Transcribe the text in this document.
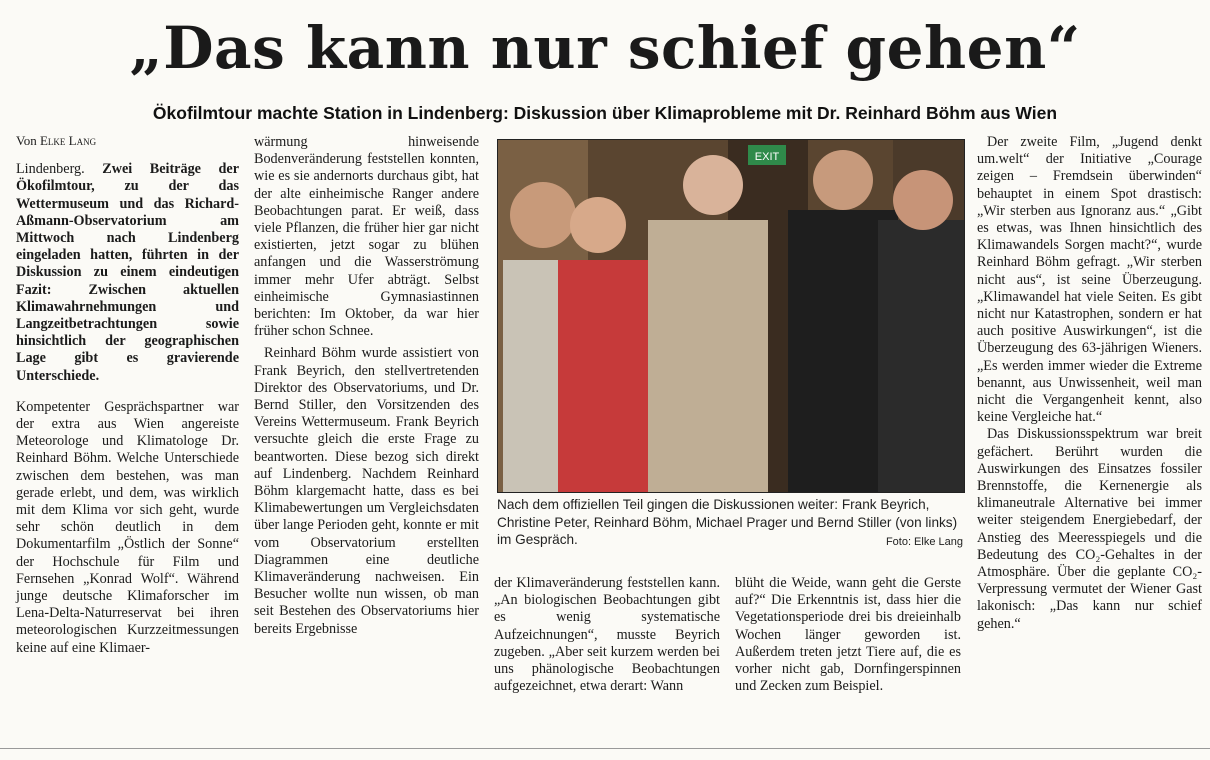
„Das kann nur schief gehen“
Ökofilmtour machte Station in Lindenberg: Diskussion über Klimaprobleme mit Dr. Reinhard Böhm aus Wien
Von Elke Lang

Lindenberg. Zwei Beiträge der Ökofilmtour, zu der das Wettermuseum und das Richard-Aßmann-Observatorium am Mittwoch nach Lindenberg eingeladen hatten, führten in der Diskussion zu einem eindeutigen Fazit: Zwischen aktuellen Klimawahrnehmungen und Langzeitbetrachtungen sowie hinsichtlich der geographischen Lage gibt es gravierende Unterschiede.

Kompetenter Gesprächspartner war der extra aus Wien angereiste Meteorologe und Klimatologe Dr. Reinhard Böhm. Welche Unterschiede zwischen dem bestehen, was man gerade erlebt, und dem, was wirklich mit dem Klima vor sich geht, wurde sehr schön deutlich in dem Dokumentarfilm „Östlich der Sonne“ der Hochschule für Film und Fernsehen „Konrad Wolf“. Während junge deutsche Klimaforscher im Lena-Delta-Naturreservat bei ihren meteorologischen Kurzzeitmessungen keine auf eine Klimaer-

wärmung hinweisende Bodenveränderung feststellen konnten, wie es sie andernorts durchaus gibt, hat der alte einheimische Ranger andere Beobachtungen parat. Er weiß, dass viele Pflanzen, die früher hier gar nicht existierten, jetzt sogar zu blühen anfangen und die Wasserströmung immer mehr Ufer abträgt. Selbst einheimische Gymnasiastinnen berichten: Im Oktober, da war hier früher schon Schnee.

Reinhard Böhm wurde assistiert von Frank Beyrich, den stellvertretenden Direktor des Observatoriums, und Dr. Bernd Stiller, den Vorsitzenden des Vereins Wettermuseum. Frank Beyrich versuchte gleich die erste Frage zu beantworten. Diese bezog sich direkt auf Lindenberg. Nachdem Reinhard Böhm klargemacht hatte, dass es bei Klimabewertungen um Vergleichsdaten über lange Perioden geht, konnte er mit vom Observatorium erstellten Diagrammen eine deutliche Klimaveränderung nachweisen. Ein Besucher wollte nun wissen, ob man seit Bestehen des Observatoriums hier bereits Ergebnisse

EXIT
Nach dem offiziellen Teil gingen die Diskussionen weiter: Frank Beyrich, Christine Peter, Reinhard Böhm, Michael Prager und Bernd Stiller (von links) im Gespräch.	Foto: Elke Lang

der Klimaveränderung feststellen kann. „An biologischen Beobachtungen gibt es wenig systematische Aufzeichnungen“, musste Beyrich zugeben. „Aber seit kurzem werden bei uns phänologische Beobachtungen aufgezeichnet, etwa derart: Wann

blüht die Weide, wann geht die Gerste auf?“ Die Erkenntnis ist, dass hier die Vegetationsperiode drei bis dreieinhalb Wochen länger geworden ist. Außerdem treten jetzt Tiere auf, die es vorher nicht gab, Dornfingerspinnen und Zecken zum Beispiel.

Der zweite Film, „Jugend denkt um.welt“ der Initiative „Courage zeigen – Fremdsein überwinden“ behauptet in einem Spot drastisch: „Wir sterben aus Ignoranz aus.“ „Gibt es etwas, was Ihnen hinsichtlich des Klimawandels Sorgen macht?“, wurde Reinhard Böhm gefragt. „Wir sterben nicht aus“, ist seine Überzeugung. „Klimawandel hat viele Seiten. Es gibt nicht nur Katastrophen, sondern er hat auch positive Auswirkungen“, ist die Überzeugung des 63-jährigen Wieners. „Es werden immer wieder die Extreme benannt, aus Unwissenheit, weil man nicht die Vergangenheit kennt, also keine Vergleiche hat.“

Das Diskussionsspektrum war breit gefächert. Berührt wurden die Auswirkungen des Einsatzes fossiler Brennstoffe, die Kernenergie als klimaneutrale Alternative bei immer weiter steigendem Energiebedarf, der Anstieg des Meeresspiegels und die Bedeutung des CO₂-Gehaltes in der Atmosphäre. Über die geplante CO₂-Verpressung vermutet der Wiener Gast lakonisch: „Das kann nur schief gehen.“
